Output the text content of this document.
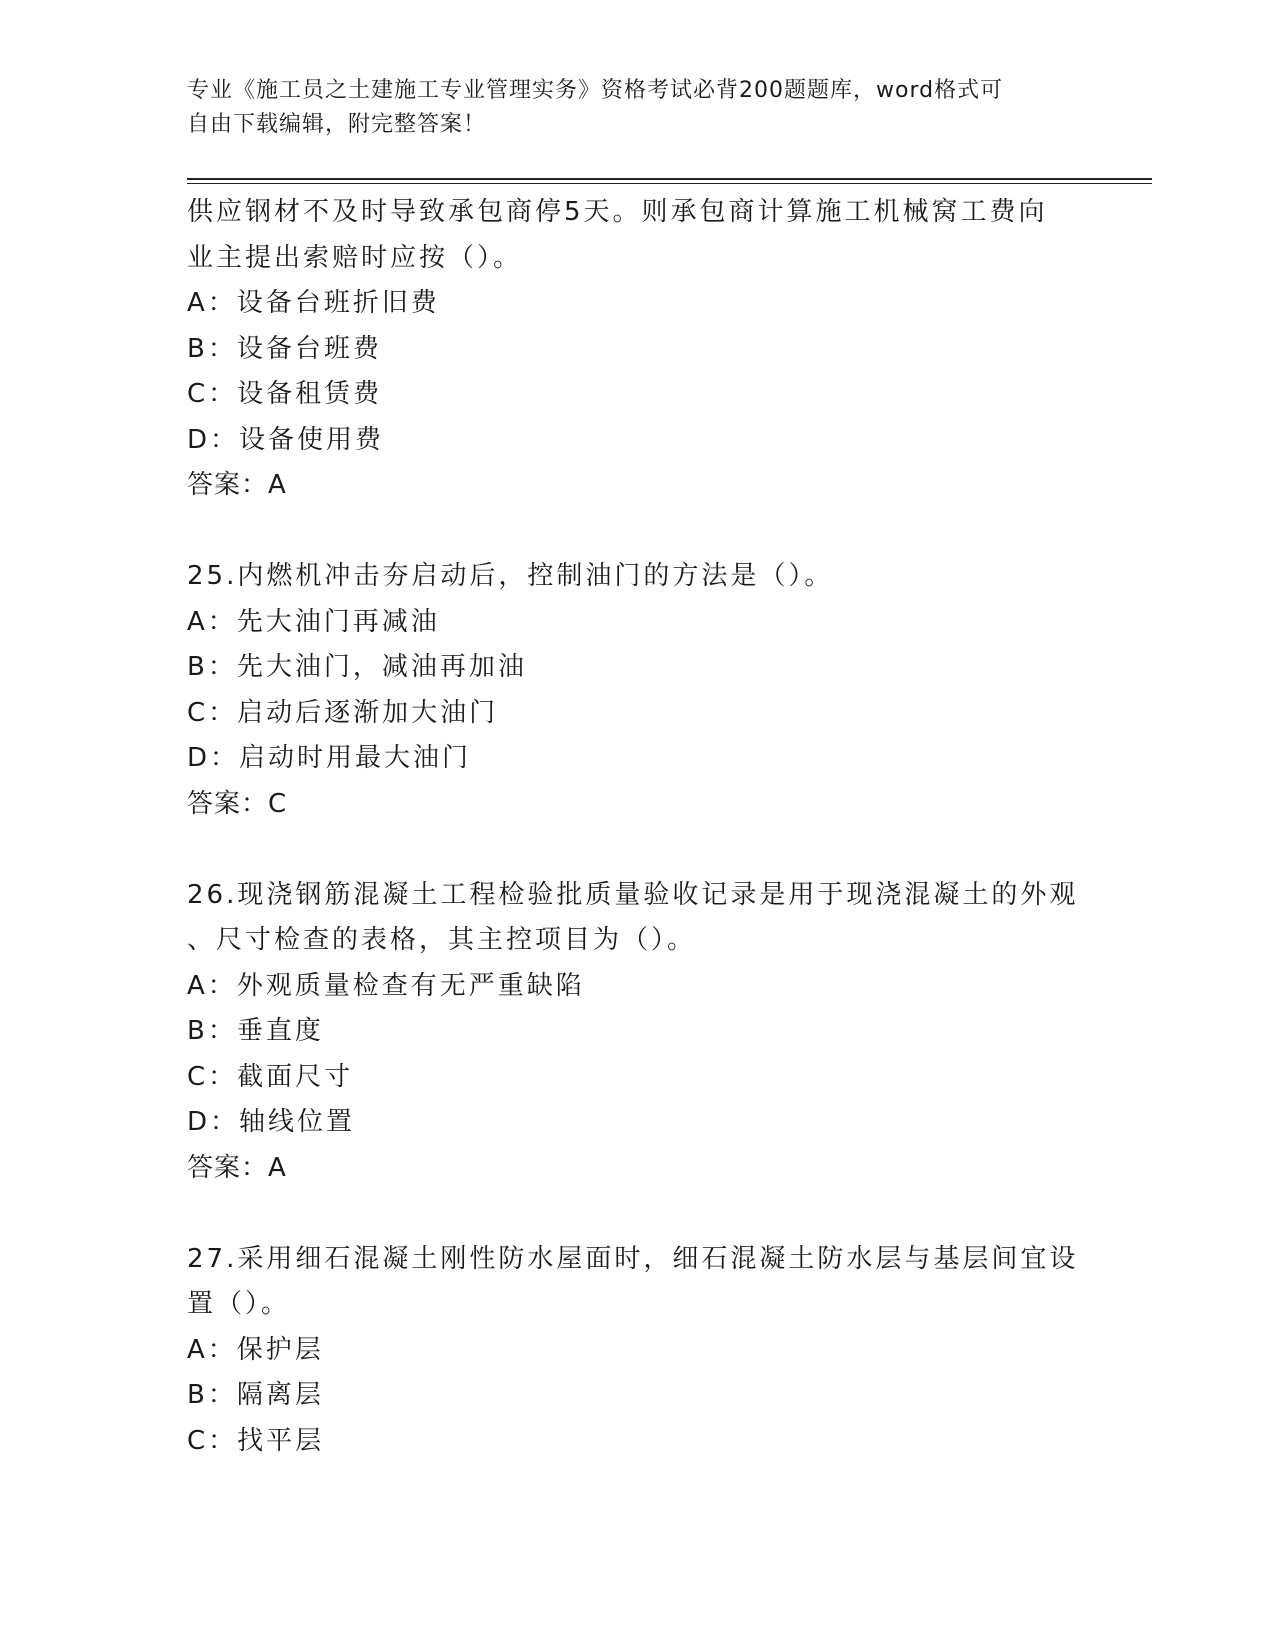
专业《施工员之土建施工专业管理实务》资格考试必背200题题库，word格式可
自由下载编辑，附完整答案！
供应钢材不及时导致承包商停5天。则承包商计算施工机械窝工费向
业主提出索赔时应按（）。
A：设备台班折旧费
B：设备台班费
C：设备租赁费
D：设备使用费
答案：A
25.内燃机冲击夯启动后，控制油门的方法是（）。
A：先大油门再减油
B：先大油门，减油再加油
C：启动后逐渐加大油门
D：启动时用最大油门
答案：C
26.现浇钢筋混凝土工程检验批质量验收记录是用于现浇混凝土的外观
、尺寸检查的表格，其主控项目为（）。
A：外观质量检查有无严重缺陷
B：垂直度
C：截面尺寸
D：轴线位置
答案：A
27.采用细石混凝土刚性防水屋面时，细石混凝土防水层与基层间宜设
置（）。
A：保护层
B：隔离层
C：找平层
